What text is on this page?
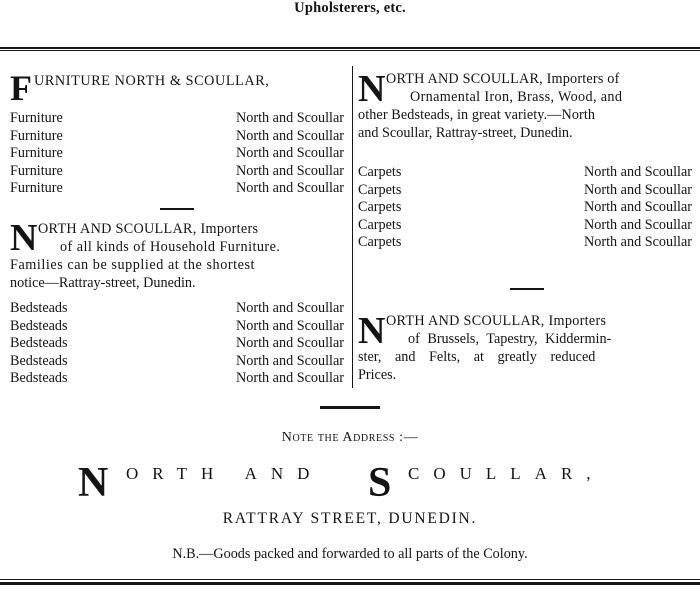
Upholsterers, etc.
F URNITURE NORTH & SCOULLAR,
Furniture	North and Scoullar
Furniture	North and Scoullar
Furniture	North and Scoullar
Furniture	North and Scoullar
Furniture	North and Scoullar
N ORTH AND SCOULLAR, Importers
of all kinds of Household Furniture.
Families can be supplied at the shortest
notice—Rattray-street, Dunedin.
Bedsteads	North and Scoullar
Bedsteads	North and Scoullar
Bedsteads	North and Scoullar
Bedsteads	North and Scoullar
Bedsteads	North and Scoullar
N ORTH AND SCOULLAR, Importers of
Ornamental Iron, Brass, Wood, and
other Bedsteads, in great variety.—North
and Scoullar, Rattray-street, Dunedin.
Carpets	North and Scoullar
Carpets	North and Scoullar
Carpets	North and Scoullar
Carpets	North and Scoullar
Carpets	North and Scoullar
N ORTH AND SCOULLAR, Importers
of Brussels, Tapestry, Kiddermin-
ster, and Felts, at greatly reduced
Prices.
Note the Address :—
N ORTH AND S COULLAR,
RATTRAY STREET, DUNEDIN.
N.B.—Goods packed and forwarded to all parts of the Colony.
